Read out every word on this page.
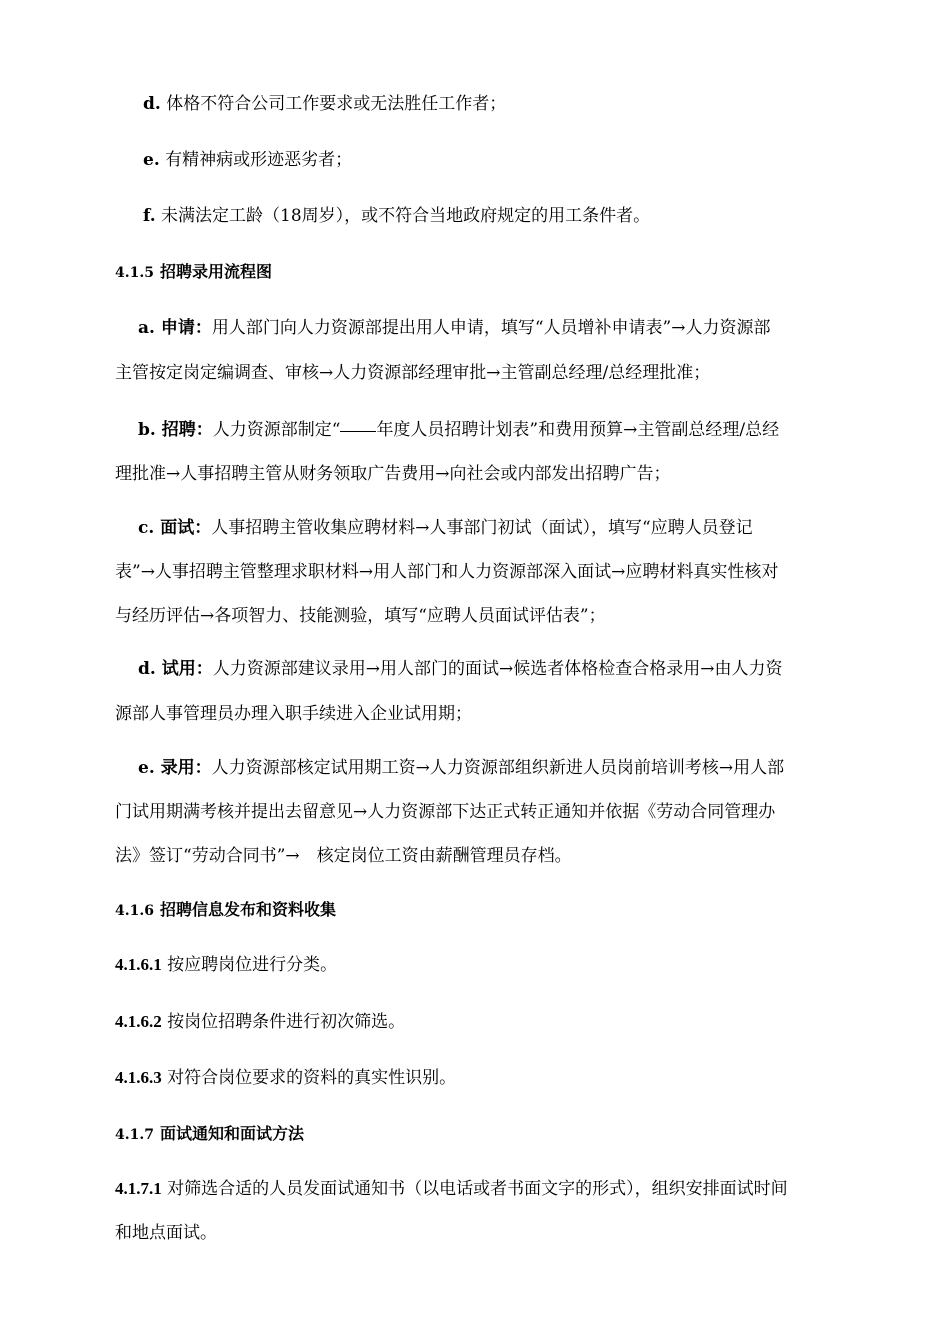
d. 体格不符合公司工作要求或无法胜任工作者；
e. 有精神病或形迹恶劣者；
f. 未满法定工龄（18周岁），或不符合当地政府规定的用工条件者。
4.1.5 招聘录用流程图
a. 申请：用人部门向人力资源部提出用人申请，填写“人员增补申请表”→人力资源部
主管按定岗定编调查、审核→人力资源部经理审批→主管副总经理/总经理批准；
b. 招聘：人力资源部制定“ 年度人员招聘计划表”和费用预算→主管副总经理/总经
理批准→人事招聘主管从财务领取广告费用→向社会或内部发出招聘广告；
c. 面试：人事招聘主管收集应聘材料→人事部门初试（面试），填写“应聘人员登记
表”→人事招聘主管整理求职材料→用人部门和人力资源部深入面试→应聘材料真实性核对
与经历评估→各项智力、技能测验，填写“应聘人员面试评估表”；
d. 试用：人力资源部建议录用→用人部门的面试→候选者体格检查合格录用→由人力资
源部人事管理员办理入职手续进入企业试用期；
e. 录用：人力资源部核定试用期工资→人力资源部组织新进人员岗前培训考核→用人部
门试用期满考核并提出去留意见→人力资源部下达正式转正通知并依据《劳动合同管理办
法》签订“劳动合同书”→　核定岗位工资由薪酬管理员存档。
4.1.6 招聘信息发布和资料收集
4.1.6.1 按应聘岗位进行分类。
4.1.6.2 按岗位招聘条件进行初次筛选。
4.1.6.3 对符合岗位要求的资料的真实性识别。
4.1.7 面试通知和面试方法
4.1.7.1 对筛选合适的人员发面试通知书（以电话或者书面文字的形式），组织安排面试时间
和地点面试。
